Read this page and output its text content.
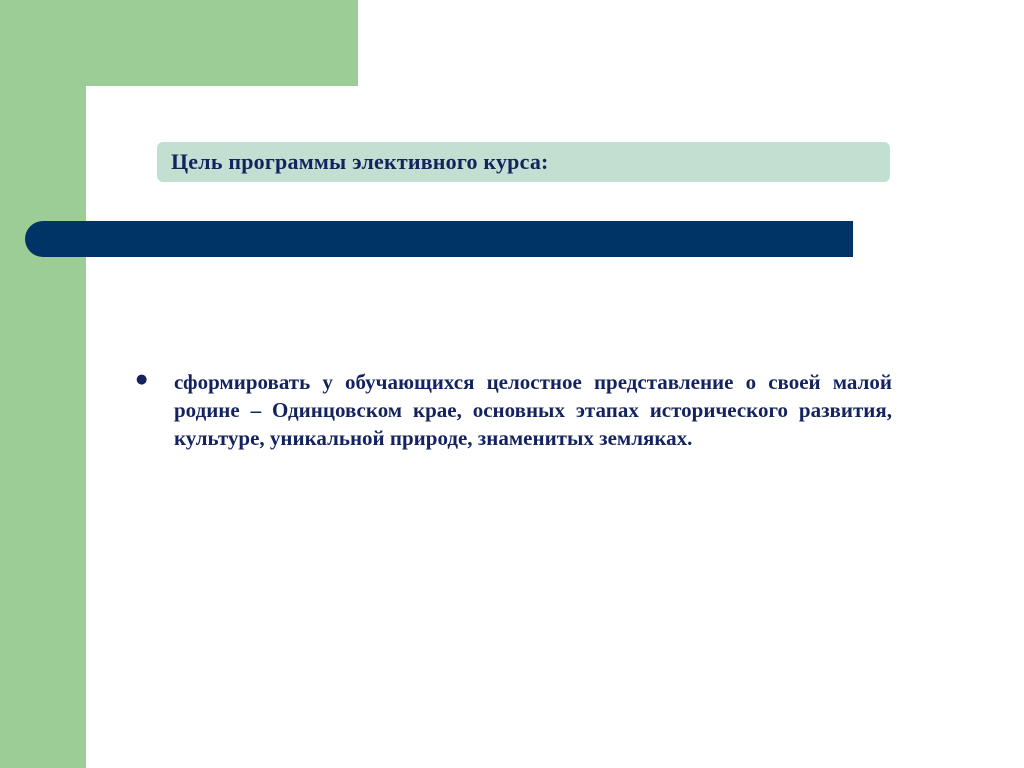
Цель программы элективного курса:
●	сформировать у обучающихся целостное представление о своей малой родине – Одинцовском крае, основных этапах исторического развития, культуре, уникальной природе, знаменитых земляках.
